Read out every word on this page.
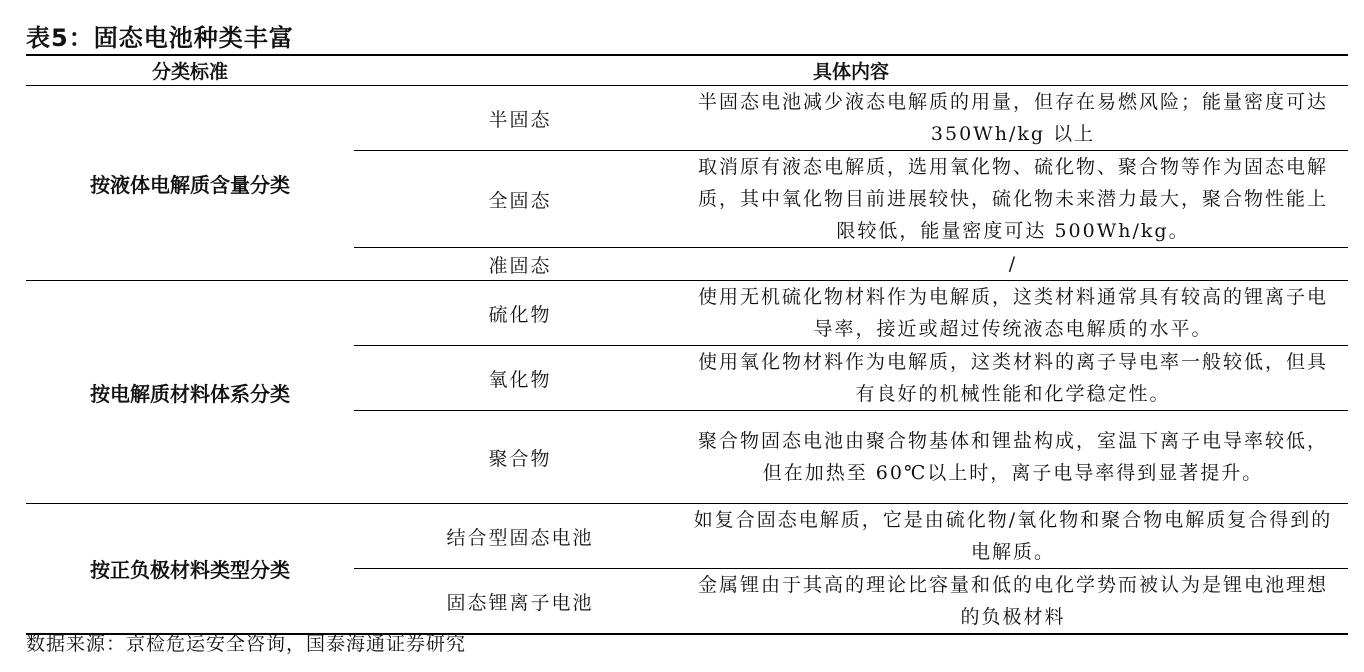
表5：固态电池种类丰富
分类标准	具体内容	
按液体电解质含量分类	半固态	半固态电池减少液态电解质的用量，但存在易燃风险；能量密度可达 350Wh/kg 以上
	全固态	取消原有液态电解质，选用氧化物、硫化物、聚合物等作为固态电解质，其中氧化物目前进展较快，硫化物未来潜力最大，聚合物性能上限较低，能量密度可达 500Wh/kg。
	准固态	/
按电解质材料体系分类	硫化物	使用无机硫化物材料作为电解质，这类材料通常具有较高的锂离子电导率，接近或超过传统液态电解质的水平。
	氧化物	使用氧化物材料作为电解质，这类材料的离子导电率一般较低，但具有良好的机械性能和化学稳定性。
	聚合物	聚合物固态电池由聚合物基体和锂盐构成，室温下离子电导率较低，但在加热至 60℃以上时，离子电导率得到显著提升。
按正负极材料类型分类	结合型固态电池	如复合固态电解质，它是由硫化物/氧化物和聚合物电解质复合得到的电解质。
	固态锂离子电池	金属锂由于其高的理论比容量和低的电化学势而被认为是锂电池理想的负极材料
数据来源：京检危运安全咨询，国泰海通证券研究
